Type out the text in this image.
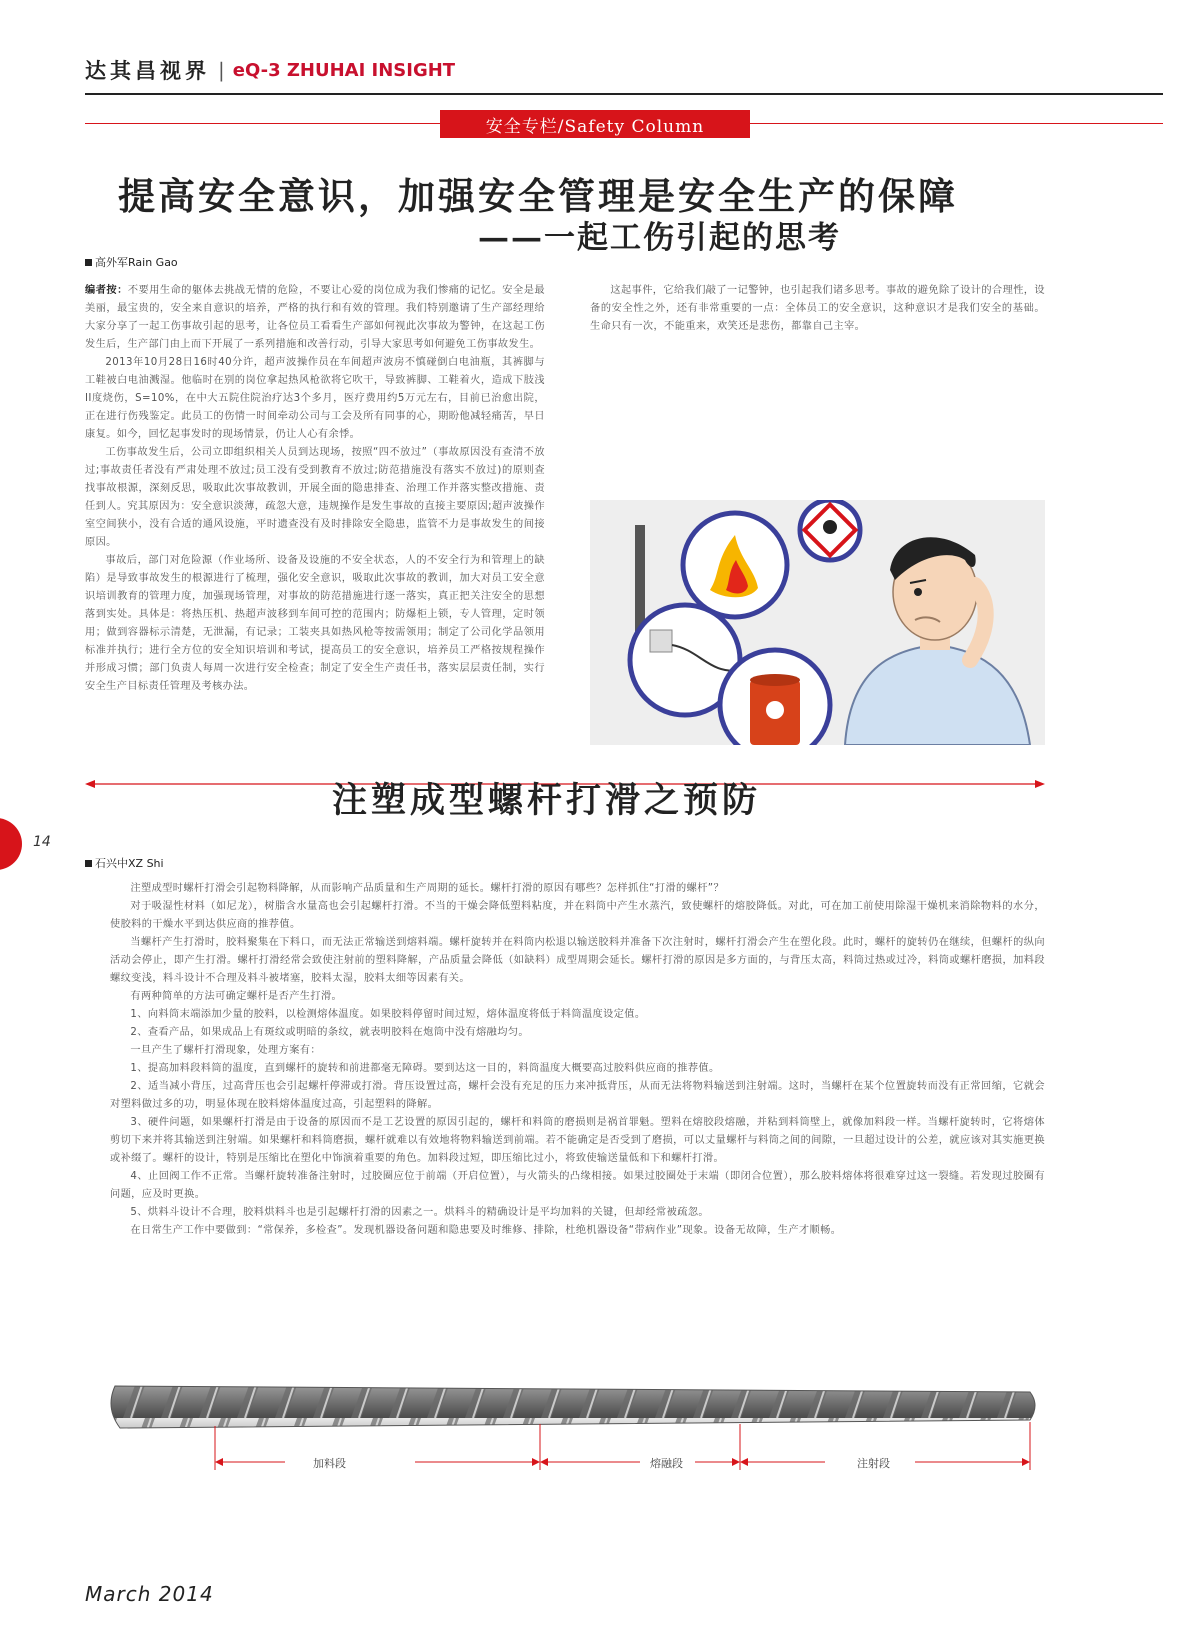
达其昌视界 | eQ-3 ZHUHAI INSIGHT
安全专栏/Safety Column
提高安全意识，加强安全管理是安全生产的保障
——一起工伤引起的思考
高外军Rain Gao

编者按：不要用生命的躯体去挑战无情的危险，不要让心爱的岗位成为我们惨痛的记忆。安全是最美丽，最宝贵的，安全来自意识的培养，严格的执行和有效的管理。我们特别邀请了生产部经理给大家分享了一起工伤事故引起的思考，让各位员工看看生产部如何视此次事故为警钟，在这起工伤发生后，生产部门由上而下开展了一系列措施和改善行动，引导大家思考如何避免工伤事故发生。

2013年10月28日16时40分许，超声波操作员在车间超声波房不慎碰倒白电油瓶，其裤脚与工鞋被白电油溅湿。他临时在别的岗位拿起热风枪欲将它吹干，导致裤脚、工鞋着火，造成下肢浅II度烧伤，S=10%，在中大五院住院治疗达3个多月，医疗费用约5万元左右，目前已治愈出院，正在进行伤残鉴定。此员工的伤情一时间牵动公司与工会及所有同事的心，期盼他减轻痛苦，早日康复。如今，回忆起事发时的现场情景，仍让人心有余悸。

工伤事故发生后，公司立即组织相关人员到达现场，按照“四不放过”（事故原因没有查清不放过;事故责任者没有严肃处理不放过;员工没有受到教育不放过;防范措施没有落实不放过)的原则查找事故根源，深刻反思，吸取此次事故教训，开展全面的隐患排查、治理工作并落实整改措施、责任到人。究其原因为：安全意识淡薄，疏忽大意，违规操作是发生事故的直接主要原因;超声波操作室空间狭小，没有合适的通风设施，平时遗查没有及时排除安全隐患，监管不力是事故发生的间接原因。

事故后，部门对危险源（作业场所、设备及设施的不安全状态，人的不安全行为和管理上的缺陷）是导致事故发生的根源进行了梳理，强化安全意识，吸取此次事故的教训，加大对员工安全意识培训教育的管理力度，加强现场管理，对事故的防范措施进行逐一落实，真正把关注安全的思想落到实处。具体是：将热压机、热超声波移到车间可控的范围内；防爆柜上锁，专人管理，定时领用；做到容器标示清楚，无泄漏，有记录；工装夹具如热风枪等按需领用；制定了公司化学品领用标准并执行；进行全方位的安全知识培训和考试，提高员工的安全意识，培养员工严格按规程操作并形成习惯；部门负责人每周一次进行安全检查；制定了安全生产责任书，落实层层责任制，实行安全生产目标责任管理及考核办法。

这起事件，它给我们敲了一记警钟，也引起我们诸多思考。事故的避免除了设计的合理性，设备的安全性之外，还有非常重要的一点：全体员工的安全意识，这种意识才是我们安全的基础。生命只有一次，不能重来，欢笑还是悲伤，都靠自己主宰。

注塑成型螺杆打滑之预防
14
石兴中XZ Shi

注塑成型时螺杆打滑会引起物料降解，从而影响产品质量和生产周期的延长。螺杆打滑的原因有哪些？怎样抓住“打滑的螺杆”？

对于吸湿性材料（如尼龙），树脂含水量高也会引起螺杆打滑。不当的干燥会降低塑料粘度，并在料筒中产生水蒸汽，致使螺杆的熔胶降低。对此，可在加工前使用除湿干燥机来消除物料的水分，使胶料的干燥水平到达供应商的推荐值。

当螺杆产生打滑时，胶料聚集在下料口，而无法正常输送到熔料端。螺杆旋转并在料筒内松退以输送胶料并准备下次注射时，螺杆打滑会产生在塑化段。此时，螺杆的旋转仍在继续，但螺杆的纵向活动会停止，即产生打滑。螺杆打滑经常会致使注射前的塑料降解，产品质量会降低（如缺料）成型周期会延长。螺杆打滑的原因是多方面的，与背压太高，料筒过热或过冷，料筒或螺杆磨损，加料段螺纹变浅，料斗设计不合理及料斗被堵塞，胶料太湿，胶料太细等因素有关。

有两种简单的方法可确定螺杆是否产生打滑。

1、向料筒末端添加少量的胶料，以检测熔体温度。如果胶料停留时间过短，熔体温度将低于料筒温度设定值。

2、查看产品，如果成品上有斑纹或明暗的条纹，就表明胶料在炮筒中没有熔融均匀。

一旦产生了螺杆打滑现象，处理方案有：

1、提高加料段料筒的温度，直到螺杆的旋转和前进都毫无障碍。要到达这一目的，料筒温度大概要高过胶料供应商的推荐值。

2、适当减小背压，过高背压也会引起螺杆停滞或打滑。背压设置过高，螺杆会没有充足的压力来冲抵背压，从而无法将物料输送到注射端。这时，当螺杆在某个位置旋转而没有正常回缩，它就会对塑料做过多的功，明显体现在胶料熔体温度过高，引起塑料的降解。

3、硬件问题，如果螺杆打滑是由于设备的原因而不是工艺设置的原因引起的，螺杆和料筒的磨损则是祸首罪魁。塑料在熔胶段熔融，并粘到料筒壁上，就像加料段一样。当螺杆旋转时，它将熔体剪切下来并将其输送到注射端。如果螺杆和料筒磨损，螺杆就难以有效地将物料输送到前端。若不能确定是否受到了磨损，可以丈量螺杆与料筒之间的间隙，一旦超过设计的公差，就应该对其实施更换或补缀了。螺杆的设计，特别是压缩比在塑化中饰演着重要的角色。加料段过短，即压缩比过小，将致使输送量低和下和螺杆打滑。

4、止回阀工作不正常。当螺杆旋转准备注射时，过胶圈应位于前端（开启位置），与火箭头的凸缘相接。如果过胶圈处于末端（即闭合位置），那么胶料熔体将很难穿过这一裂缝。若发现过胶圈有问题，应及时更换。

5、烘料斗设计不合理，胶料烘料斗也是引起螺杆打滑的因素之一。烘料斗的精确设计是平均加料的关键，但却经常被疏忽。

在日常生产工作中要做到：“常保养，多检查”。发现机器设备问题和隐患要及时维修、排除，杜绝机器设备“带病作业”现象。设备无故障，生产才顺畅。

加料段	熔融段	注射段
March 2014
